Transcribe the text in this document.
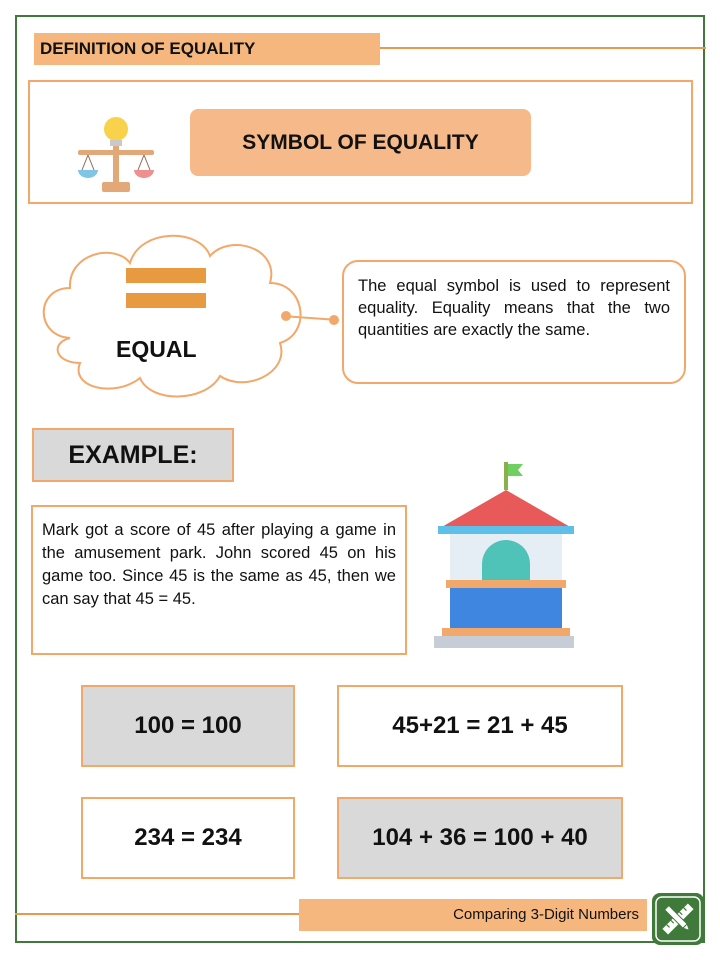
DEFINITION OF EQUALITY
SYMBOL OF EQUALITY
EQUAL
The equal symbol is used to represent equality. Equality means that the two quantities are exactly the same.
EXAMPLE:
Mark got a score of 45 after playing a game in the amusement park. John scored 45 on his game too. Since 45 is the same as 45, then we can say that 45 = 45.
100 = 100	45+21 = 21 + 45
234 = 234	104 + 36 = 100 + 40
Comparing 3-Digit Numbers
